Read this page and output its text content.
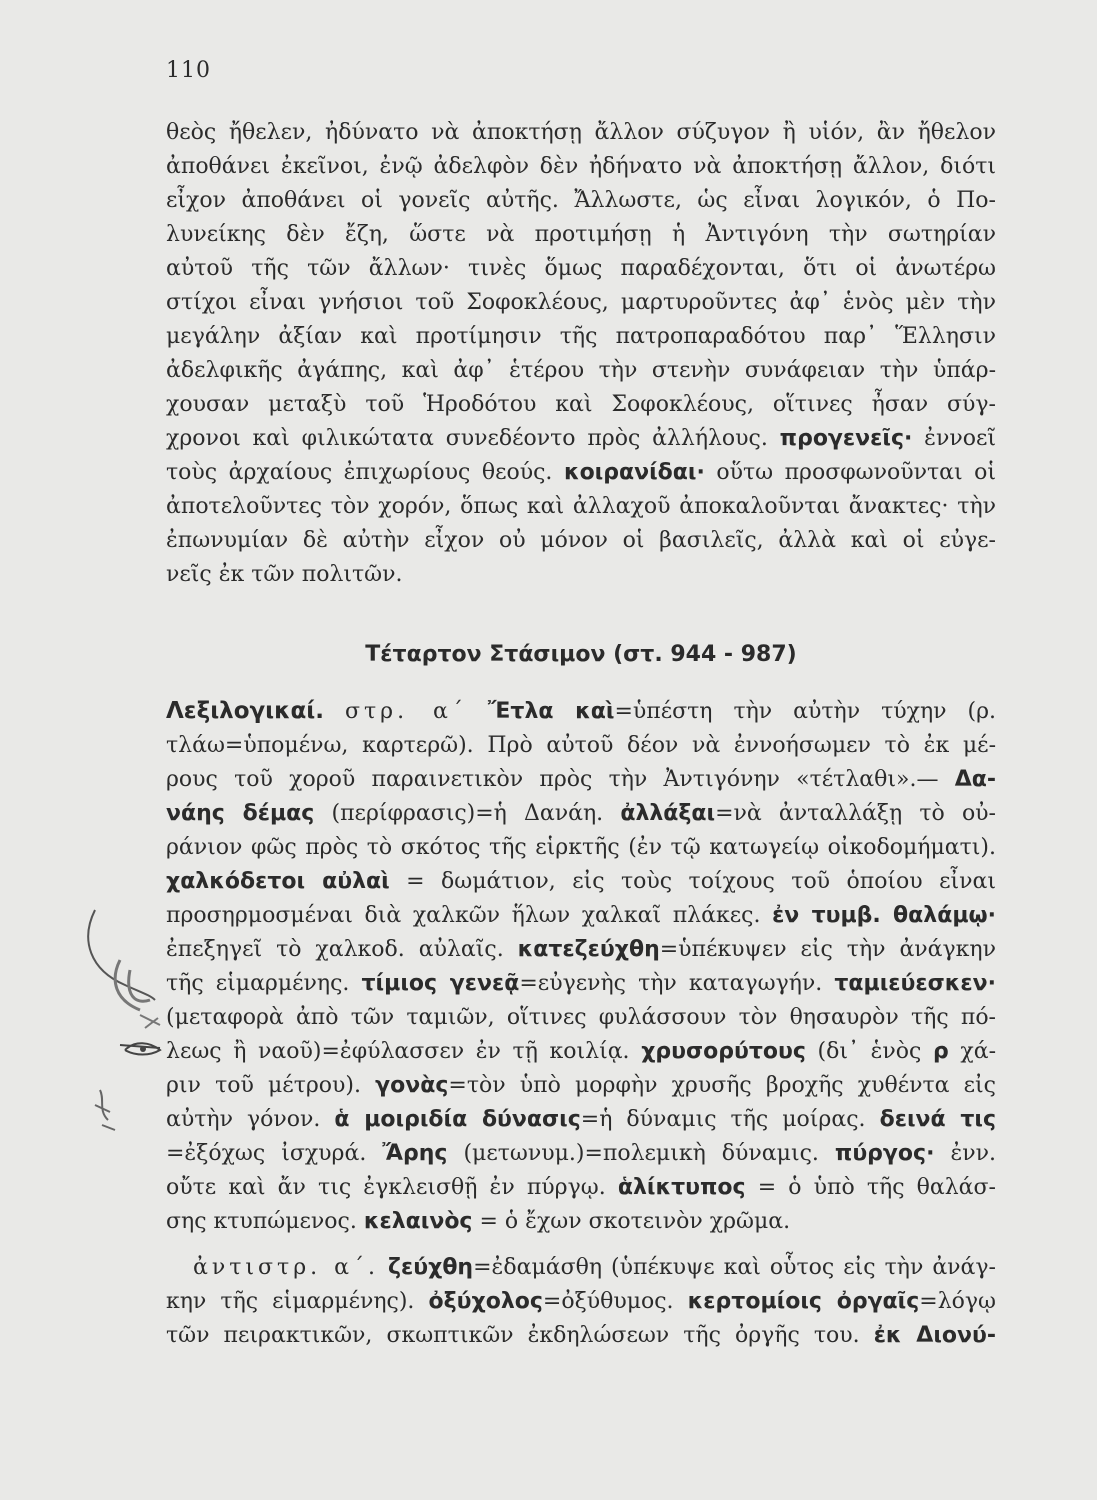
110
θεὸς ἤθελεν, ἠδύνατο νὰ ἀποκτήσῃ ἄλλον σύζυγον ἢ υἱόν, ἂν ἤθελον
ἀποθάνει ἐκεῖνοι, ἐνῷ ἀδελφὸν δὲν ἠδήνατο νὰ ἀποκτήσῃ ἄλλον, διότι
εἶχον ἀποθάνει οἱ γονεῖς αὐτῆς. Ἄλλωστε, ὡς εἶναι λογικόν, ὁ Πο-
λυνείκης δὲν ἔζη, ὥστε νὰ προτιμήσῃ ἡ Ἀντιγόνη τὴν σωτηρίαν
αὐτοῦ τῆς τῶν ἄλλων· τινὲς ὅμως παραδέχονται, ὅτι οἱ ἀνωτέρω
στίχοι εἶναι γνήσιοι τοῦ Σοφοκλέους, μαρτυροῦντες ἀφ᾿ ἑνὸς μὲν τὴν
μεγάλην ἀξίαν καὶ προτίμησιν τῆς πατροπαραδότου παρ᾿ Ἕλλησιν
ἀδελφικῆς ἀγάπης, καὶ ἀφ᾿ ἑτέρου τὴν στενὴν συνάφειαν τὴν ὑπάρ-
χουσαν μεταξὺ τοῦ Ἡροδότου καὶ Σοφοκλέους, οἵτινες ἦσαν σύγ-
χρονοι καὶ φιλικώτατα συνεδέοντο πρὸς ἀλλήλους. προγενεῖς· ἐννοεῖ
τοὺς ἀρχαίους ἐπιχωρίους θεούς. κοιρανίδαι· οὕτω προσφωνοῦνται οἱ
ἀποτελοῦντες τὸν χορόν, ὅπως καὶ ἀλλαχοῦ ἀποκαλοῦνται ἄνακτες· τὴν
ἐπωνυμίαν δὲ αὐτὴν εἶχον οὐ μόνον οἱ βασιλεῖς, ἀλλὰ καὶ οἱ εὐγε-
νεῖς ἐκ τῶν πολιτῶν.
Τέταρτον Στάσιμον (στ. 944 - 987)
Λεξιλογικαί. στρ. α΄ Ἔτλα καὶ=ὑπέστη τὴν αὐτὴν τύχην (ρ.
τλάω=ὑπομένω, καρτερῶ). Πρὸ αὐτοῦ δέον νὰ ἐννοήσωμεν τὸ ἐκ μέ-
ρους τοῦ χοροῦ παραινετικὸν πρὸς τὴν Ἀντιγόνην «τέτλαθι».— Δα-
νάης δέμας (περίφρασις)=ἡ Δανάη. ἀλλάξαι=νὰ ἀνταλλάξῃ τὸ οὐ-
ράνιον φῶς πρὸς τὸ σκότος τῆς εἱρκτῆς (ἐν τῷ κατωγείῳ οἰκοδομήματι).
χαλκόδετοι αὐλαὶ = δωμάτιον, εἰς τοὺς τοίχους τοῦ ὁποίου εἶναι
προσηρμοσμέναι διὰ χαλκῶν ἥλων χαλκαῖ πλάκες. ἐν τυμβ. θαλάμῳ·
ἐπεξηγεῖ τὸ χαλκοδ. αὐλαῖς. κατεζεύχθη=ὑπέκυψεν εἰς τὴν ἀνάγκην
τῆς εἱμαρμένης. τίμιος γενεᾷ=εὐγενὴς τὴν καταγωγήν. ταμιεύεσκεν·
(μεταφορὰ ἀπὸ τῶν ταμιῶν, οἵτινες φυλάσσουν τὸν θησαυρὸν τῆς πό-
λεως ἢ ναοῦ)=ἐφύλασσεν ἐν τῇ κοιλίᾳ. χρυσορύτους (δι᾿ ἑνὸς ρ χά-
ριν τοῦ μέτρου). γονὰς=τὸν ὑπὸ μορφὴν χρυσῆς βροχῆς χυθέντα εἰς
αὐτὴν γόνον. ἁ μοιριδία δύνασις=ἡ δύναμις τῆς μοίρας. δεινά τις
=ἐξόχως ἰσχυρά. Ἄρης (μετωνυμ.)=πολεμικὴ δύναμις. πύργος· ἐνν.
οὔτε καὶ ἄν τις ἐγκλεισθῇ ἐν πύργῳ. ἁλίκτυπος = ὁ ὑπὸ τῆς θαλάσ-
σης κτυπώμενος. κελαινὸς = ὁ ἔχων σκοτεινὸν χρῶμα.
ἀντιστρ. α΄. ζεύχθη=ἐδαμάσθη (ὑπέκυψε καὶ οὗτος εἰς τὴν ἀνάγ-
κην τῆς εἱμαρμένης). ὀξύχολος=ὀξύθυμος. κερτομίοις ὀργαῖς=λόγῳ
τῶν πειρακτικῶν, σκωπτικῶν ἐκδηλώσεων τῆς ὀργῆς του. ἐκ Διονύ-
